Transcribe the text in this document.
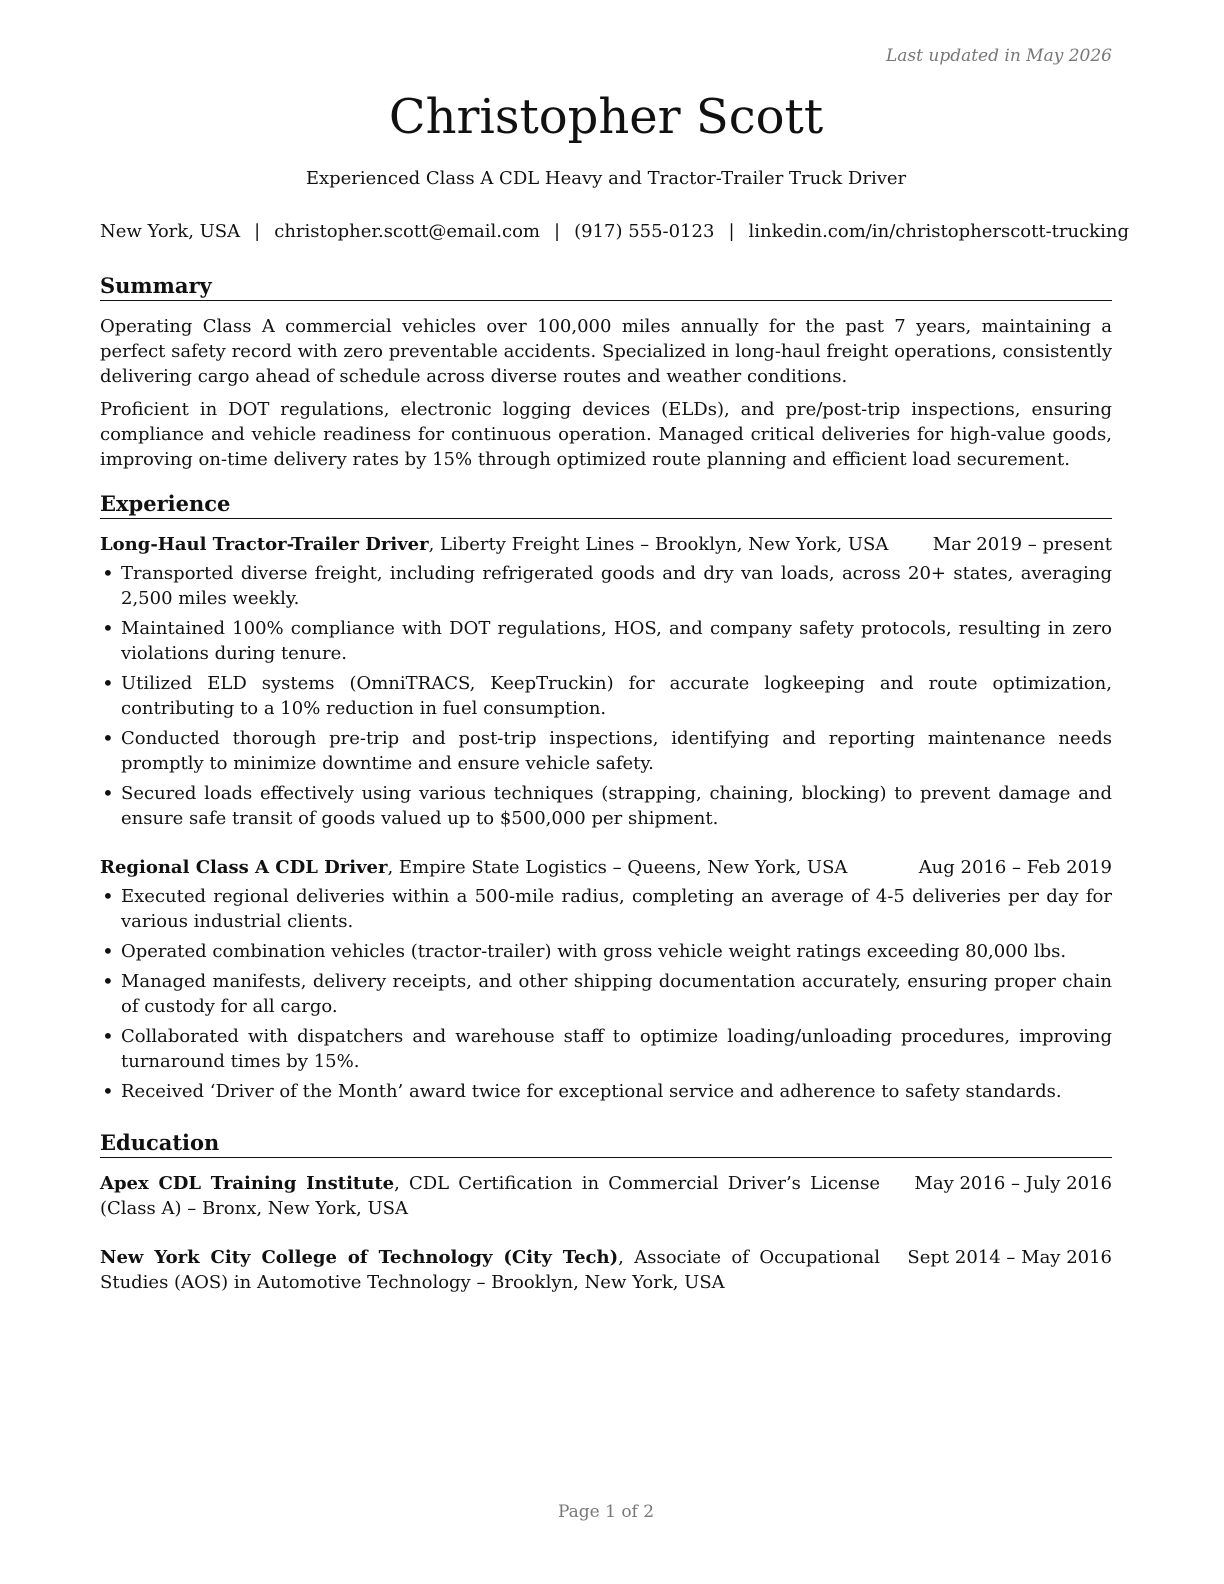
Last updated in May 2026
Christopher Scott
Experienced Class A CDL Heavy and Tractor-Trailer Truck Driver
New York, USA | christopher.scott@email.com | (917) 555-0123 | linkedin.com/in/christopherscott-trucking
Summary

Operating Class A commercial vehicles over 100,000 miles annually for the past 7 years, maintaining a perfect safety record with zero preventable accidents. Specialized in long-haul freight operations, consistently delivering cargo ahead of schedule across diverse routes and weather conditions.

Proficient in DOT regulations, electronic logging devices (ELDs), and pre/post-trip inspections, ensuring compliance and vehicle readiness for continuous operation. Managed critical deliveries for high-value goods, improving on-time delivery rates by 15% through optimized route planning and efficient load securement.

Experience
Long-Haul Tractor-Trailer Driver, Liberty Freight Lines – Brooklyn, New York, USA Mar 2019 – present
• Transported diverse freight, including refrigerated goods and dry van loads, across 20+ states, averaging 2,500 miles weekly.
• Maintained 100% compliance with DOT regulations, HOS, and company safety protocols, resulting in zero violations during tenure.
• Utilized ELD systems (OmniTRACS, KeepTruckin) for accurate logkeeping and route optimization, contributing to a 10% reduction in fuel consumption.
• Conducted thorough pre-trip and post-trip inspections, identifying and reporting maintenance needs promptly to minimize downtime and ensure vehicle safety.
• Secured loads effectively using various techniques (strapping, chaining, blocking) to prevent damage and ensure safe transit of goods valued up to $500,000 per shipment.
Regional Class A CDL Driver, Empire State Logistics – Queens, New York, USA	Aug 2016 – Feb 2019
• Executed regional deliveries within a 500-mile radius, completing an average of 4-5 deliveries per day for various industrial clients.
• Operated combination vehicles (tractor-trailer) with gross vehicle weight ratings exceeding 80,000 lbs.
• Managed manifests, delivery receipts, and other shipping documentation accurately, ensuring proper chain of custody for all cargo.
• Collaborated with dispatchers and warehouse staff to optimize loading/unloading procedures, improving turnaround times by 15%.
• Received ‘Driver of the Month’ award twice for exceptional service and adherence to safety standards.
Education
Apex CDL Training Institute, CDL Certification in Commercial Driver’s License (Class A) – Bronx, New York, USA
May 2016 – July 2016
New York City College of Technology (City Tech), Associate of Occupational Studies (AOS) in Automotive Technology – Brooklyn, New York, USA
Sept 2014 – May 2016
Page 1 of 2
